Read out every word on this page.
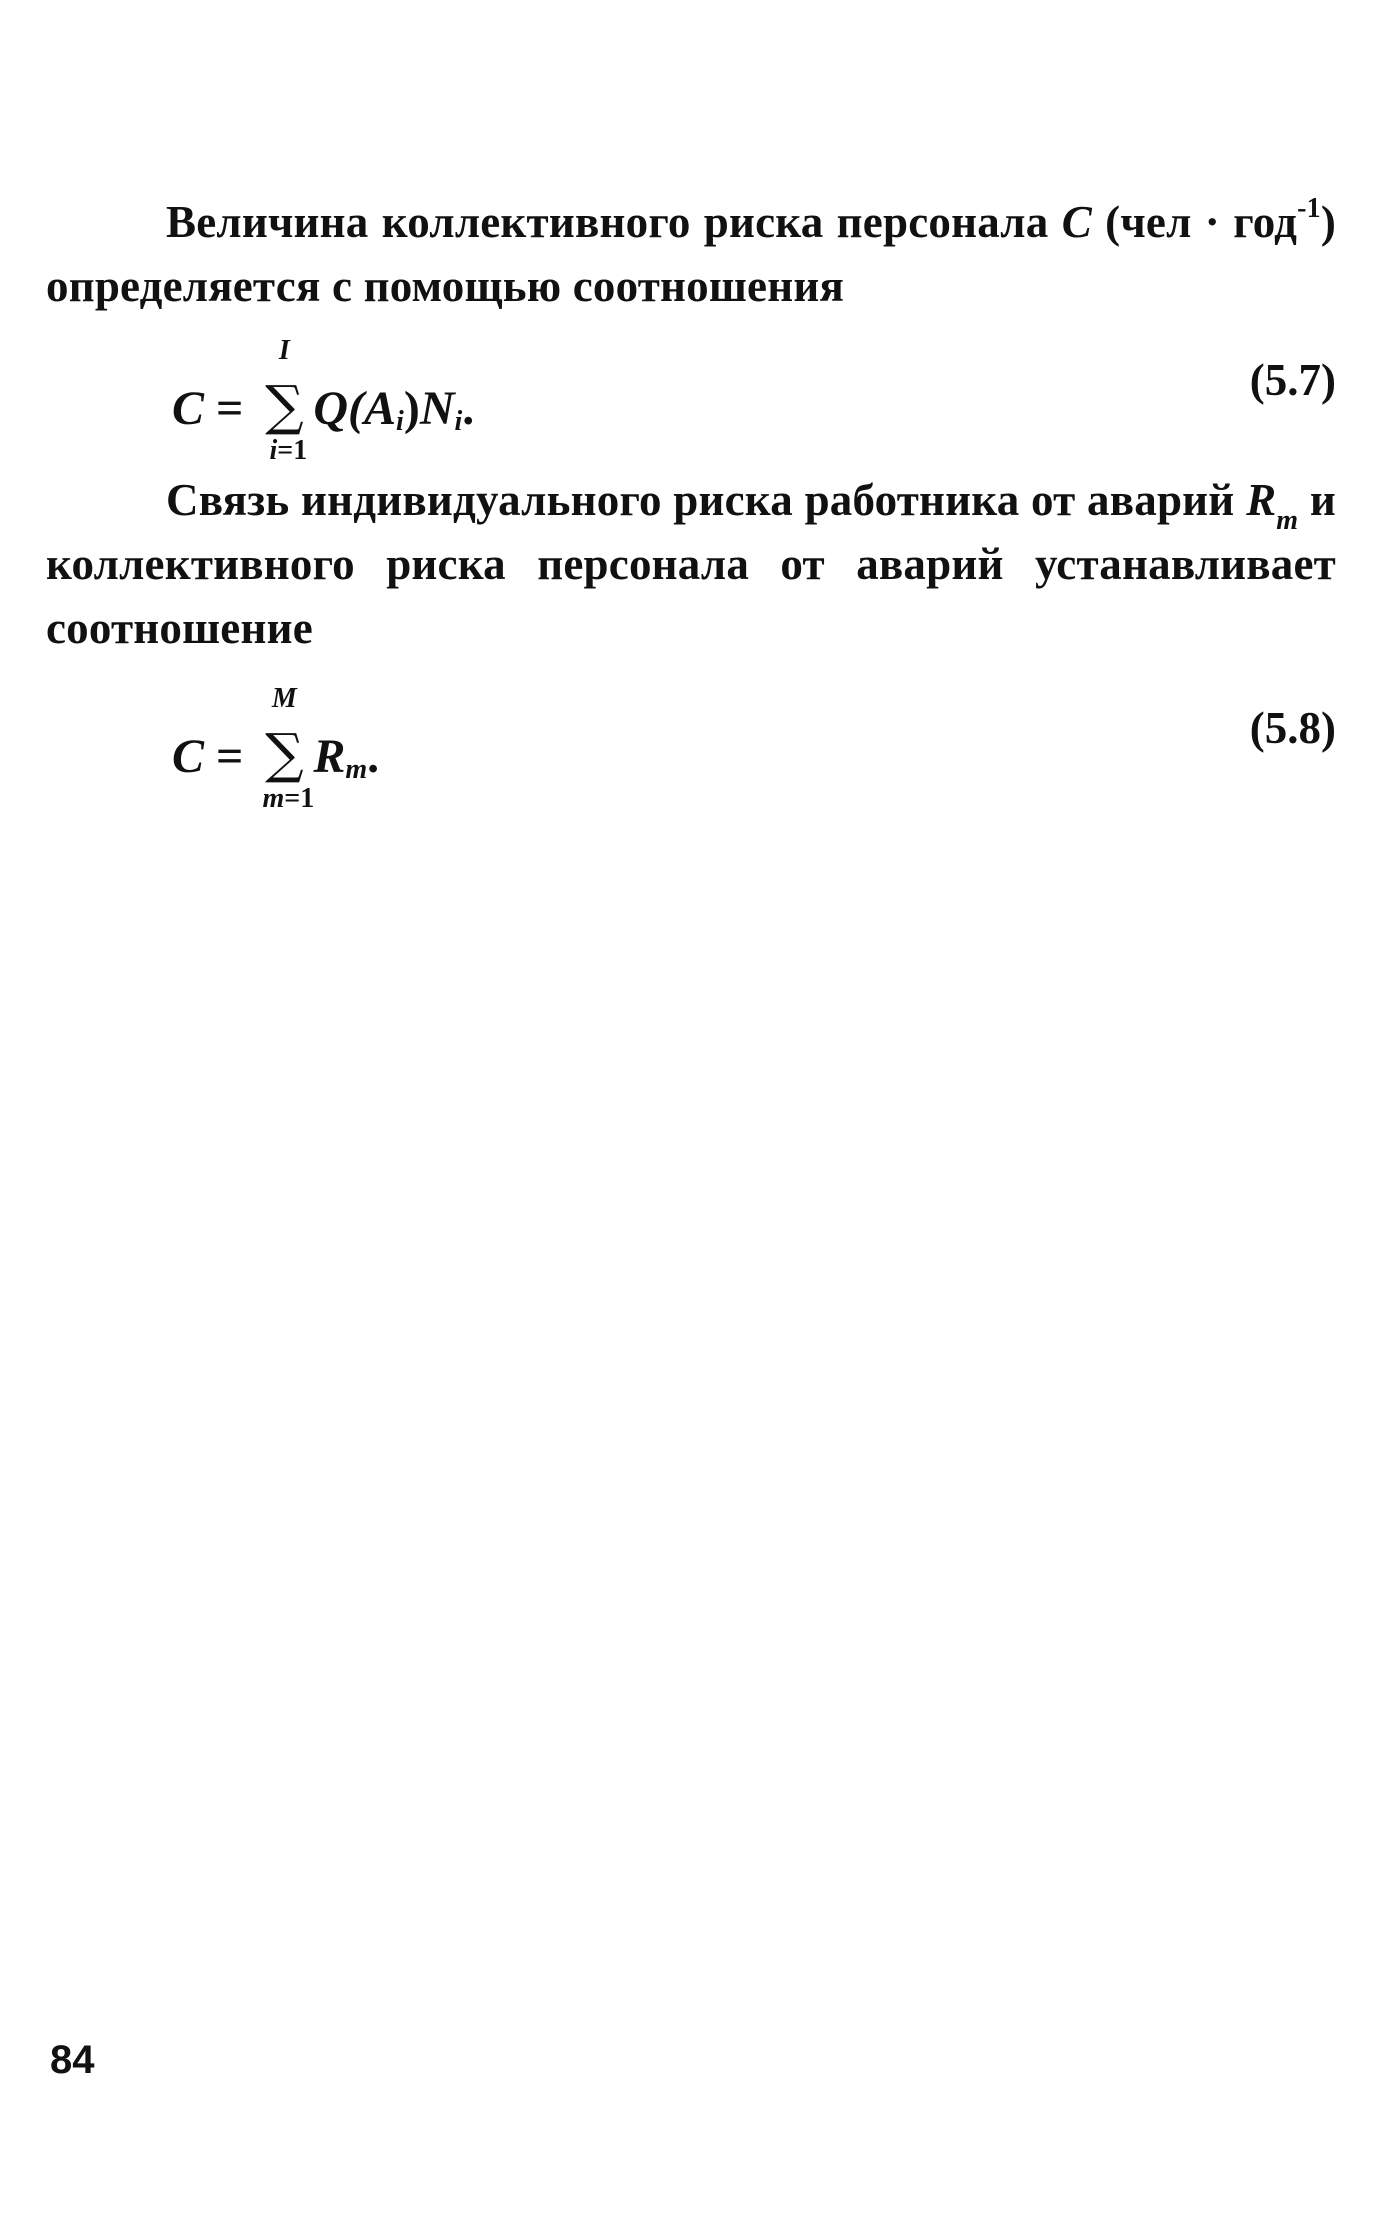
Величина коллективного риска персонала C (чел · год$^{-1}$) определяется с помощью соотношения
C =
I
∑
i=1
Q( A $_i$ ) N $_i$ .
(5.7)
Связь индивидуального риска работника от аварий $R_m$ и коллективного риска персонала от аварий устанавливает соотношение
C =
M
∑
m=1
R $_m$ .
(5.8)
84
